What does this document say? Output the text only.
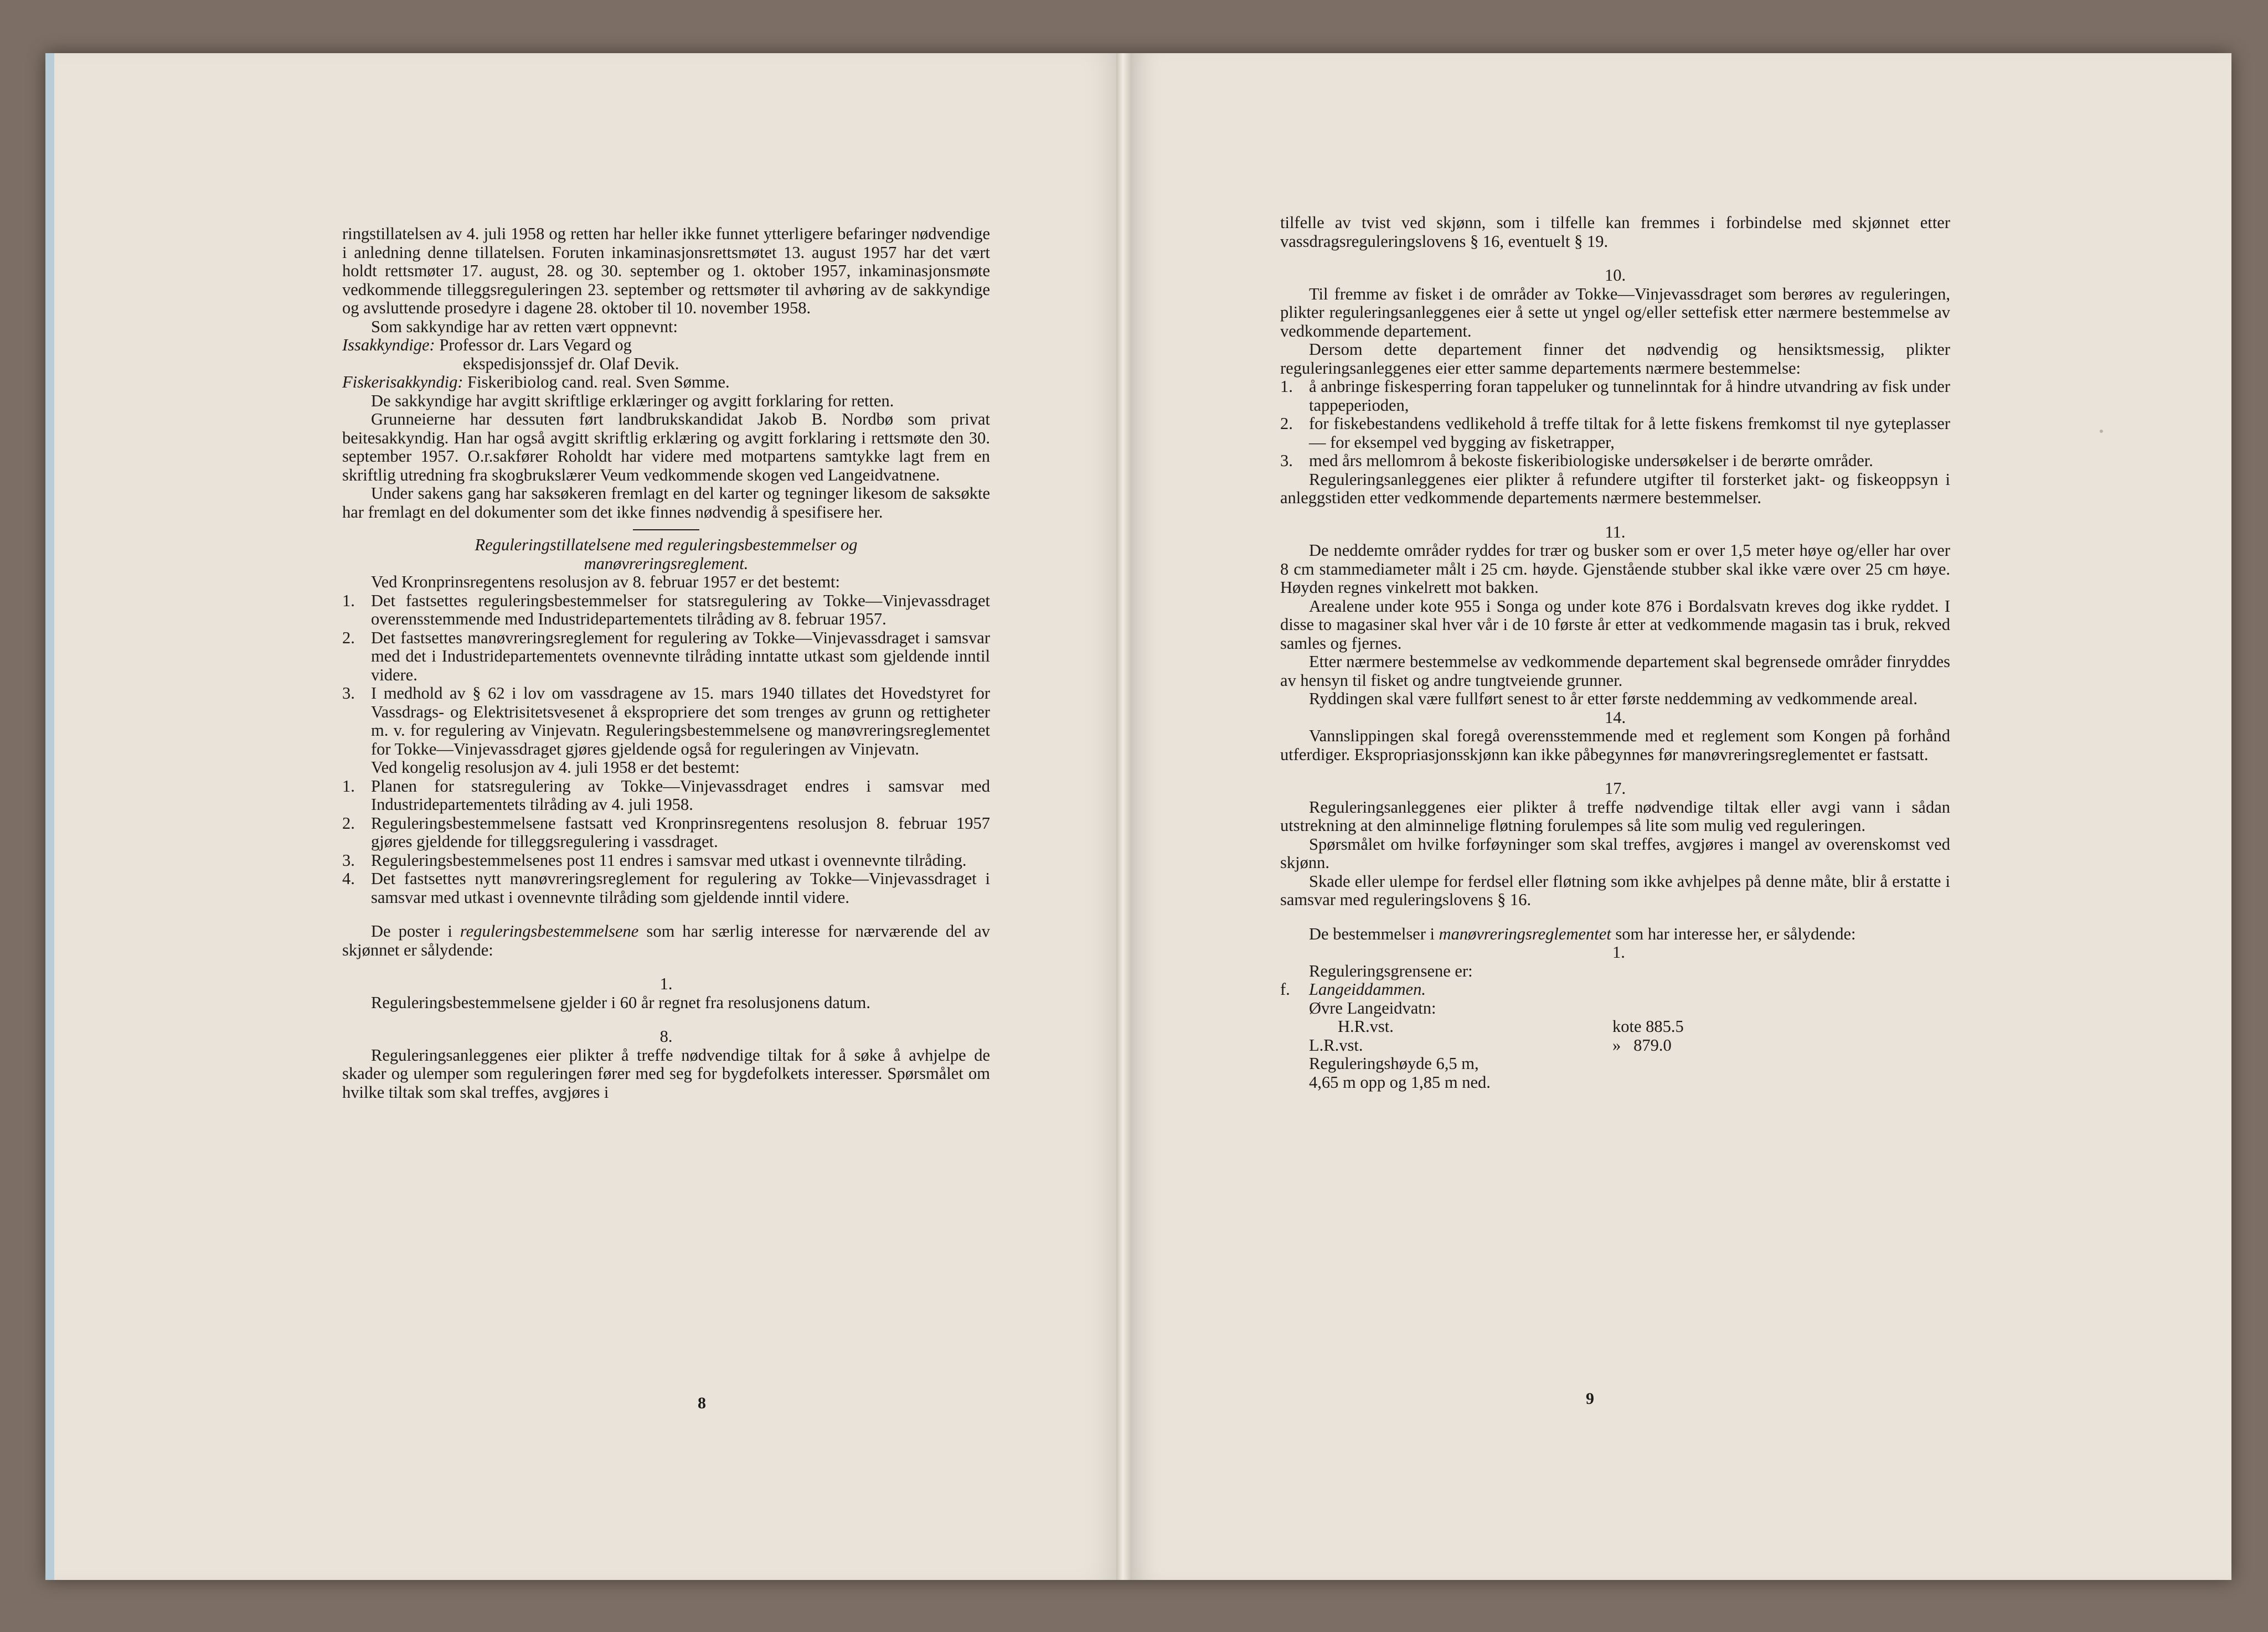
ringstillatelsen av 4. juli 1958 og retten har heller ikke funnet ytterligere befaringer nødvendige i anledning denne tillatelsen. Foruten inkaminasjonsrettsmøtet 13. august 1957 har det vært holdt rettsmøter 17. august, 28. og 30. september og 1. oktober 1957, inkaminasjonsmøte vedkommende tilleggsreguleringen 23. september og rettsmøter til avhøring av de sakkyndige og avsluttende prosedyre i dagene 28. oktober til 10. november 1958.

Som sakkyndige har av retten vært oppnevnt:

Issakkyndige: Professor dr. Lars Vegard og

ekspedisjonssjef dr. Olaf Devik.

Fiskerisakkyndig: Fiskeribiolog cand. real. Sven Sømme.

De sakkyndige har avgitt skriftlige erklæringer og avgitt forklaring for retten.

Grunneierne har dessuten ført landbrukskandidat Jakob B. Nordbø som privat beitesakkyndig. Han har også avgitt skriftlig erklæring og avgitt forklaring i rettsmøte den 30. september 1957. O.r.sakfører Roholdt har videre med motpartens samtykke lagt frem en skriftlig utredning fra skogbrukslærer Veum vedkommende skogen ved Langeidvatnene.

Under sakens gang har saksøkeren fremlagt en del karter og tegninger likesom de saksøkte har fremlagt en del dokumenter som det ikke finnes nødvendig å spesifisere her.

Reguleringstillatelsene med reguleringsbestemmelser og

manøvreringsreglement.

Ved Kronprinsregentens resolusjon av 8. februar 1957 er det bestemt:

1. Det fastsettes reguleringsbestemmelser for statsregulering av Tokke—Vinjevassdraget overensstemmende med Industridepartementets tilråding av 8. februar 1957.

2. Det fastsettes manøvreringsreglement for regulering av Tokke—Vinjevassdraget i samsvar med det i Industridepartementets ovennevnte tilråding inntatte utkast som gjeldende inntil videre.

3. I medhold av § 62 i lov om vassdragene av 15. mars 1940 tillates det Hovedstyret for Vassdrags- og Elektrisitetsvesenet å ekspropriere det som trenges av grunn og rettigheter m. v. for regulering av Vinjevatn. Reguleringsbestemmelsene og manøvreringsreglementet for Tokke—Vinjevassdraget gjøres gjeldende også for reguleringen av Vinjevatn.

Ved kongelig resolusjon av 4. juli 1958 er det bestemt:

1. Planen for statsregulering av Tokke—Vinjevassdraget endres i samsvar med Industridepartementets tilråding av 4. juli 1958.

2. Reguleringsbestemmelsene fastsatt ved Kronprinsregentens resolusjon 8. februar 1957 gjøres gjeldende for tilleggsregulering i vassdraget.

3. Reguleringsbestemmelsenes post 11 endres i samsvar med utkast i ovennevnte tilråding.

4. Det fastsettes nytt manøvreringsreglement for regulering av Tokke—Vinjevassdraget i samsvar med utkast i ovennevnte tilråding som gjeldende inntil videre.

De poster i reguleringsbestemmelsene som har særlig interesse for nærværende del av skjønnet er sålydende:

1.

Reguleringsbestemmelsene gjelder i 60 år regnet fra resolusjonens datum.

8.

Reguleringsanleggenes eier plikter å treffe nødvendige tiltak for å søke å avhjelpe de skader og ulemper som reguleringen fører med seg for bygdefolkets interesser. Spørsmålet om hvilke tiltak som skal treffes, avgjøres i

8

tilfelle av tvist ved skjønn, som i tilfelle kan fremmes i forbindelse med skjønnet etter vassdragsreguleringslovens § 16, eventuelt § 19.

10.

Til fremme av fisket i de områder av Tokke—Vinjevassdraget som berøres av reguleringen, plikter reguleringsanleggenes eier å sette ut yngel og/eller settefisk etter nærmere bestemmelse av vedkommende departement.

Dersom dette departement finner det nødvendig og hensiktsmessig, plikter reguleringsanleggenes eier etter samme departements nærmere bestemmelse:

1. å anbringe fiskesperring foran tappeluker og tunnelinntak for å hindre utvandring av fisk under tappeperioden,

2. for fiskebestandens vedlikehold å treffe tiltak for å lette fiskens fremkomst til nye gyteplasser — for eksempel ved bygging av fisketrapper,

3. med års mellomrom å bekoste fiskeribiologiske undersøkelser i de berørte områder.

Reguleringsanleggenes eier plikter å refundere utgifter til forsterket jakt- og fiskeoppsyn i anleggstiden etter vedkommende departements nærmere bestemmelser.

11.

De neddemte områder ryddes for trær og busker som er over 1,5 meter høye og/eller har over 8 cm stammediameter målt i 25 cm. høyde. Gjenstående stubber skal ikke være over 25 cm høye. Høyden regnes vinkelrett mot bakken.

Arealene under kote 955 i Songa og under kote 876 i Bordalsvatn kreves dog ikke ryddet. I disse to magasiner skal hver vår i de 10 første år etter at vedkommende magasin tas i bruk, rekved samles og fjernes.

Etter nærmere bestemmelse av vedkommende departement skal begrensede områder finryddes av hensyn til fisket og andre tungtveiende grunner.

Ryddingen skal være fullført senest to år etter første neddemming av vedkommende areal.

14.

Vannslippingen skal foregå overensstemmende med et reglement som Kongen på forhånd utferdiger. Ekspropriasjonsskjønn kan ikke påbegynnes før manøvreringsreglementet er fastsatt.

17.

Reguleringsanleggenes eier plikter å treffe nødvendige tiltak eller avgi vann i sådan utstrekning at den alminnelige fløtning forulempes så lite som mulig ved reguleringen.

Spørsmålet om hvilke forføyninger som skal treffes, avgjøres i mangel av overenskomst ved skjønn.

Skade eller ulempe for ferdsel eller fløtning som ikke avhjelpes på denne måte, blir å erstatte i samsvar med reguleringslovens § 16.

De bestemmelser i manøvreringsreglementet som har interesse her, er sålydende:

1.

Reguleringsgrensene er:

f. Langeiddammen.

Øvre Langeidvatn:

H.R.vst.	kote 885.5
L.R.vst.	»   879.0

Reguleringshøyde 6,5 m,

4,65 m opp og 1,85 m ned.

9
